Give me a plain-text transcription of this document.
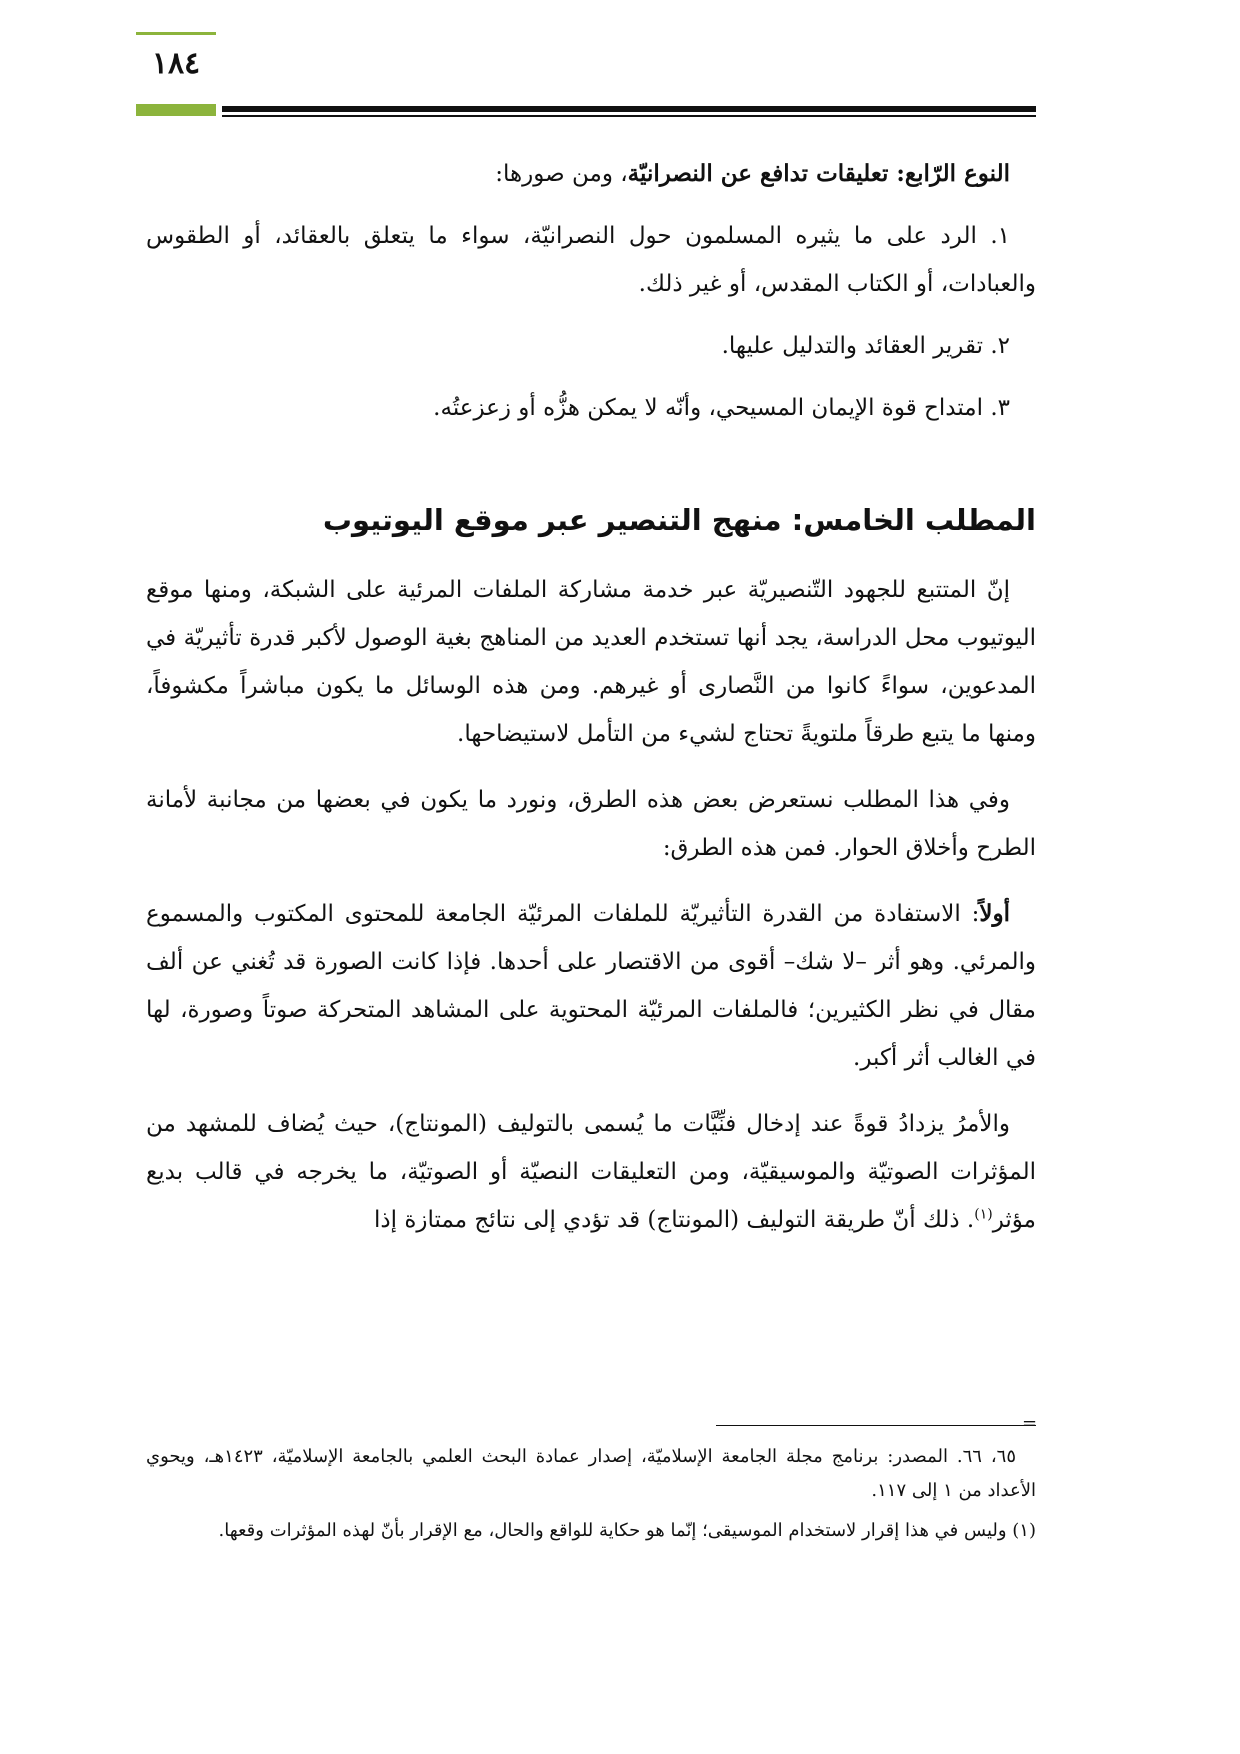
١٨٤

النوع الرّابع: تعليقات تدافع عن النصرانيّة، ومن صورها:

١. الرد على ما يثيره المسلمون حول النصرانيّة، سواء ما يتعلق بالعقائد، أو الطقوس والعبادات، أو الكتاب المقدس، أو غير ذلك.

٢. تقرير العقائد والتدليل عليها.

٣. امتداح قوة الإيمان المسيحي، وأنّه لا يمكن هزُّه أو زعزعتُه.

المطلب الخامس: منهج التنصير عبر موقع اليوتيوب

إنّ المتتبع للجهود التّنصيريّة عبر خدمة مشاركة الملفات المرئية على الشبكة، ومنها موقع اليوتيوب محل الدراسة، يجد أنها تستخدم العديد من المناهج بغية الوصول لأكبر قدرة تأثيريّة في المدعوين، سواءً كانوا من النَّصارى أو غيرهم. ومن هذه الوسائل ما يكون مباشراً مكشوفاً، ومنها ما يتبع طرقاً ملتويةً تحتاج لشيء من التأمل لاستيضاحها.

وفي هذا المطلب نستعرض بعض هذه الطرق، ونورد ما يكون في بعضها من مجانبة لأمانة الطرح وأخلاق الحوار. فمن هذه الطرق:

أولاً: الاستفادة من القدرة التأثيريّة للملفات المرئيّة الجامعة للمحتوى المكتوب والمسموع والمرئي. وهو أثر –لا شك– أقوى من الاقتصار على أحدها. فإذا كانت الصورة قد تُغني عن ألف مقال في نظر الكثيرين؛ فالملفات المرئيّة المحتوية على المشاهد المتحركة صوتاً وصورة، لها في الغالب أثر أكبر.

والأمرُ يزدادُ قوةً عند إدخال فنِّيَّات ما يُسمى بالتوليف (المونتاج)، حيث يُضاف للمشهد من المؤثرات الصوتيّة والموسيقيّة، ومن التعليقات النصيّة أو الصوتيّة، ما يخرجه في قالب بديع مؤثر$^{(١)}$. ذلك أنّ طريقة التوليف (المونتاج) قد تؤدي إلى نتائج ممتازة إذا

=

٦٥، ٦٦. المصدر: برنامج مجلة الجامعة الإسلاميّة، إصدار عمادة البحث العلمي بالجامعة الإسلاميّة، ١٤٢٣هـ، ويحوي الأعداد من ١ إلى ١١٧.

(١) وليس في هذا إقرار لاستخدام الموسيقى؛ إنّما هو حكاية للواقع والحال، مع الإقرار بأنّ لهذه المؤثرات وقعها.
